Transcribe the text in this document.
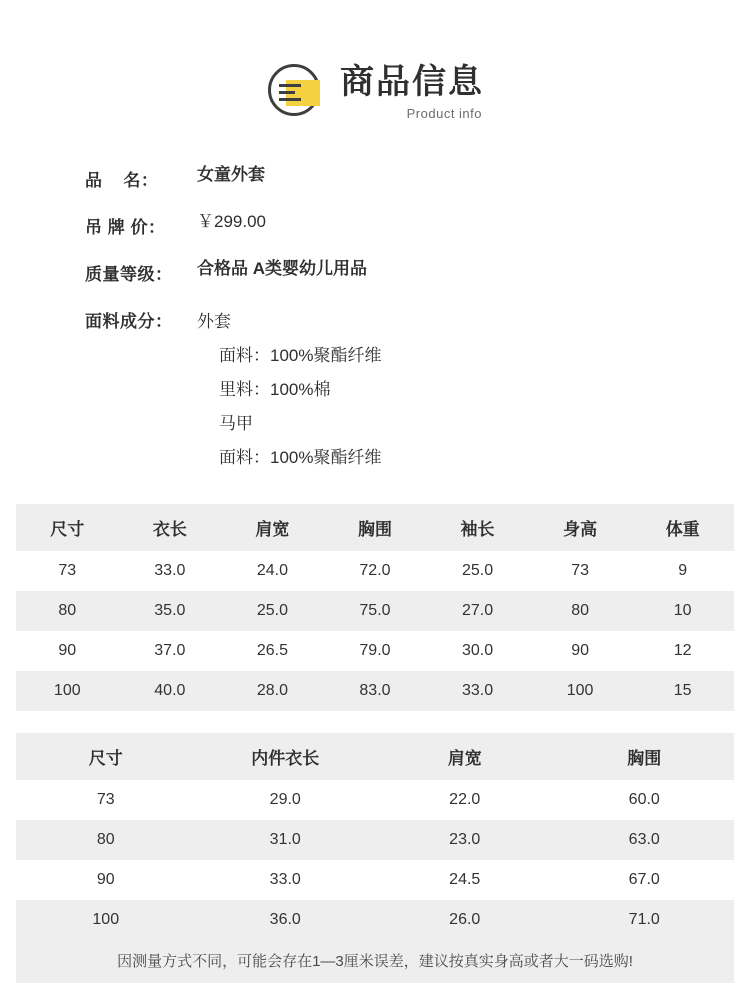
商品信息
Product info
品    名：	女童外套
吊 牌 价：	￥299.00
质量等级：	合格品 A类婴幼儿用品
面料成分：	外套
面料：100%聚酯纤维
里料：100%棉
马甲
面料：100%聚酯纤维
尺寸	衣长	肩宽	胸围	袖长	身高	体重
73	33.0	24.0	72.0	25.0	73	9
80	35.0	25.0	75.0	27.0	80	10
90	37.0	26.5	79.0	30.0	90	12
100	40.0	28.0	83.0	33.0	100	15
尺寸	内件衣长	肩宽	胸围
73	29.0	22.0	60.0
80	31.0	23.0	63.0
90	33.0	24.5	67.0
100	36.0	26.0	71.0
因测量方式不同，可能会存在1—3厘米误差，建议按真实身高或者大一码选购!
